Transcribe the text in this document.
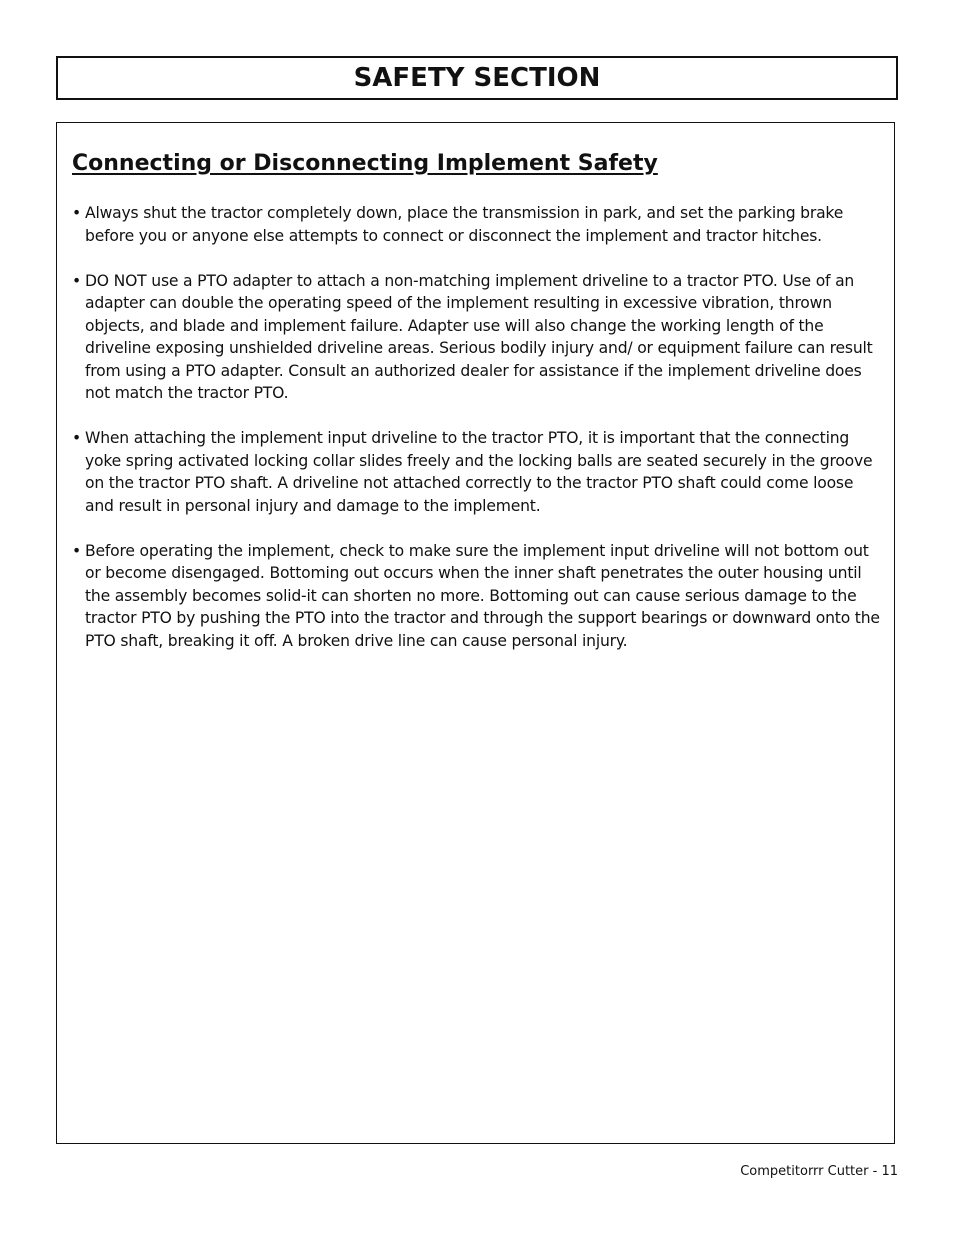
SAFETY SECTION
Connecting or Disconnecting Implement Safety
• Always shut the tractor completely down, place the transmission in park, and set the parking brake before you or anyone else attempts to connect or disconnect the implement and tractor hitches.
• DO NOT use a PTO adapter to attach a non-matching implement driveline to a tractor PTO. Use of an adapter can double the operating speed of the implement resulting in excessive vibration, thrown objects, and blade and implement failure. Adapter use will also change the working length of the driveline exposing unshielded driveline areas. Serious bodily injury and/ or equipment failure can result from using a PTO adapter. Consult an authorized dealer for assistance if the implement driveline does not match the tractor PTO.
• When attaching the implement input driveline to the tractor PTO, it is important that the connecting yoke spring activated locking collar slides freely and the locking balls are seated securely in the groove on the tractor PTO shaft. A driveline not attached correctly to the tractor PTO shaft could come loose and result in personal injury and damage to the implement.
• Before operating the implement, check to make sure the implement input driveline will not bottom out or become disengaged. Bottoming out occurs when the inner shaft penetrates the outer housing until the assembly becomes solid-it can shorten no more. Bottoming out can cause serious damage to the tractor PTO by pushing the PTO into the tractor and through the support bearings or downward onto the PTO shaft, breaking it off. A broken drive line can cause personal injury.
Competitorrr Cutter - 11
